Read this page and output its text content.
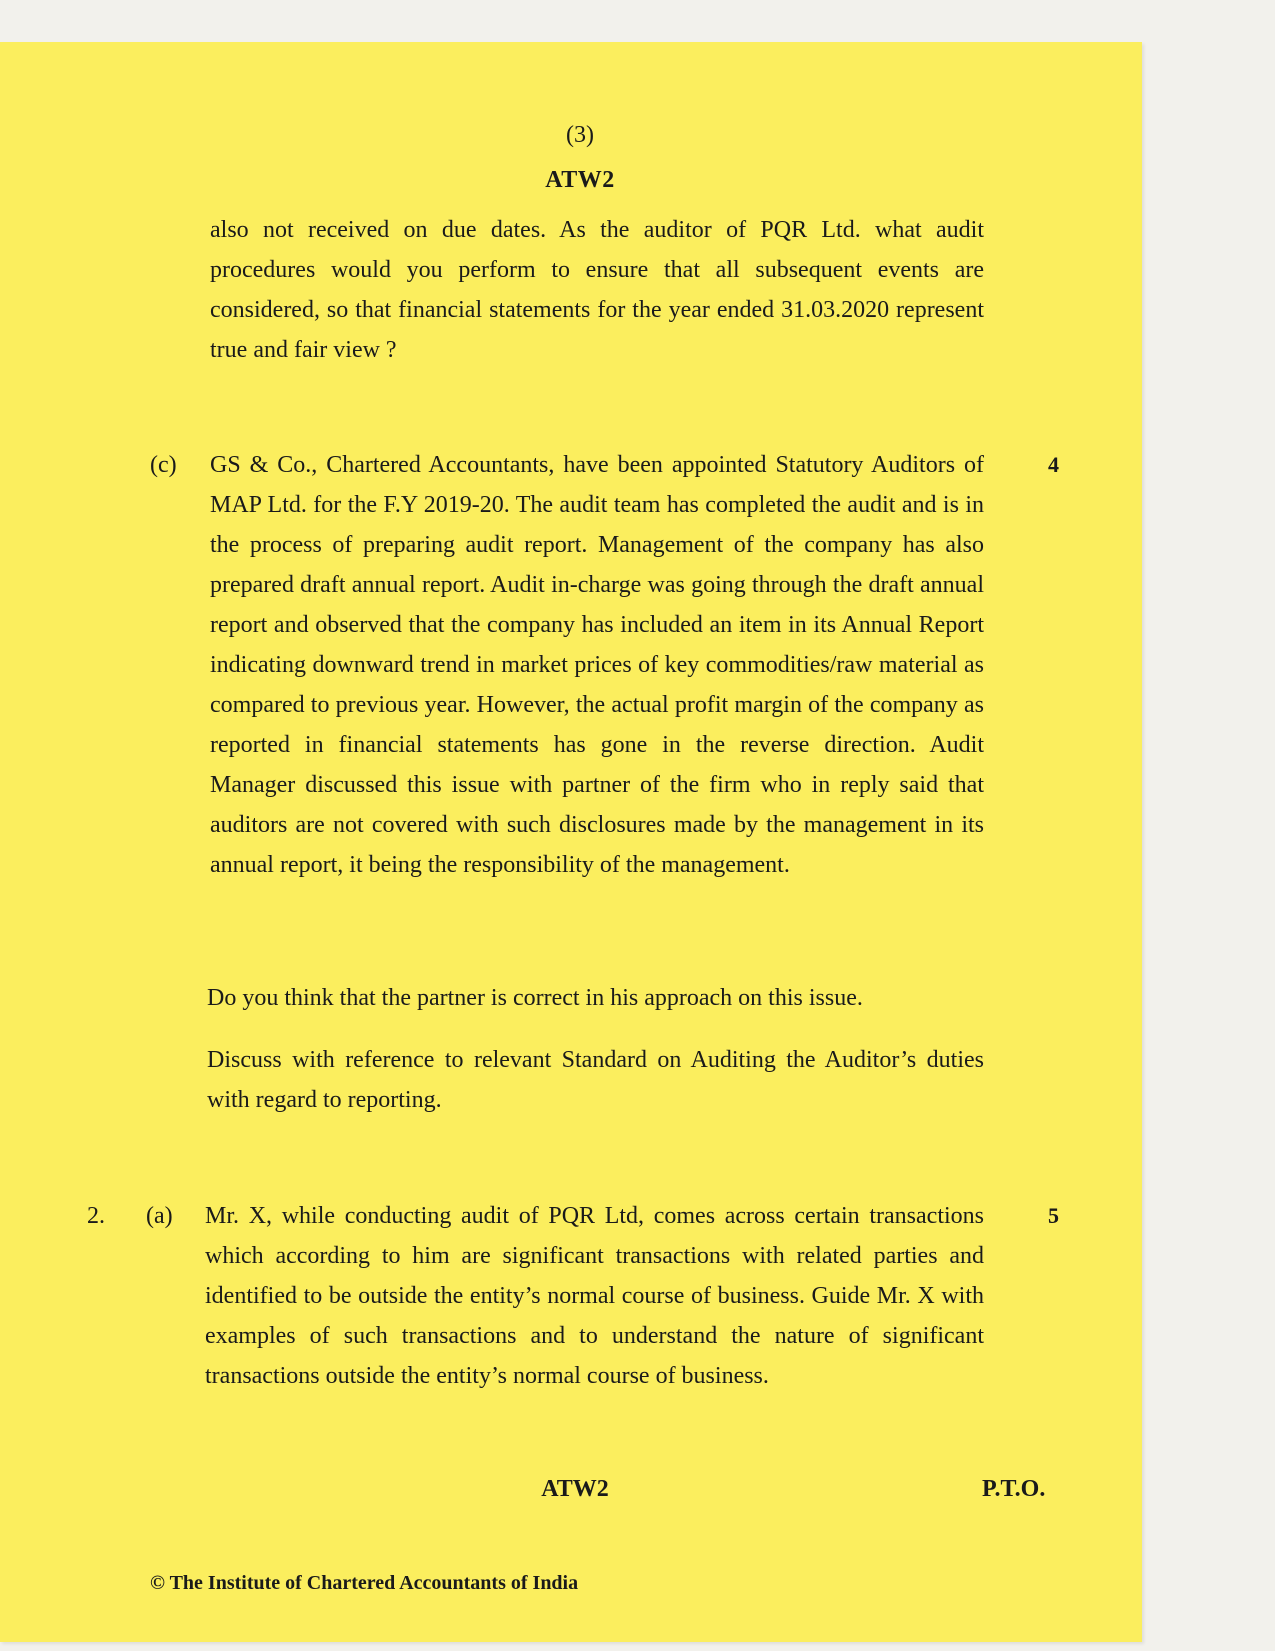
(3)
ATW2

also not received on due dates. As the auditor of PQR Ltd. what audit procedures would you perform to ensure that all subsequent events are considered, so that financial statements for the year ended 31.03.2020 represent true and fair view ?

(c)	4

GS & Co., Chartered Accountants, have been appointed Statutory Auditors of MAP Ltd. for the F.Y 2019-20. The audit team has completed the audit and is in the process of preparing audit report. Management of the company has also prepared draft annual report. Audit in-charge was going through the draft annual report and observed that the company has included an item in its Annual Report indicating downward trend in market prices of key commodities/raw material as compared to previous year. However, the actual profit margin of the company as reported in financial statements has gone in the reverse direction. Audit Manager discussed this issue with partner of the firm who in reply said that auditors are not covered with such disclosures made by the management in its annual report, it being the responsibility of the management.

Do you think that the partner is correct in his approach on this issue.

Discuss with reference to relevant Standard on Auditing the Auditor’s duties with regard to reporting.

2. (a)	5

Mr. X, while conducting audit of PQR Ltd, comes across certain transactions which according to him are significant transactions with related parties and identified to be outside the entity’s normal course of business. Guide Mr. X with examples of such transactions and to understand the nature of significant transactions outside the entity’s normal course of business.

ATW2	P.T.O.
© The Institute of Chartered Accountants of India
